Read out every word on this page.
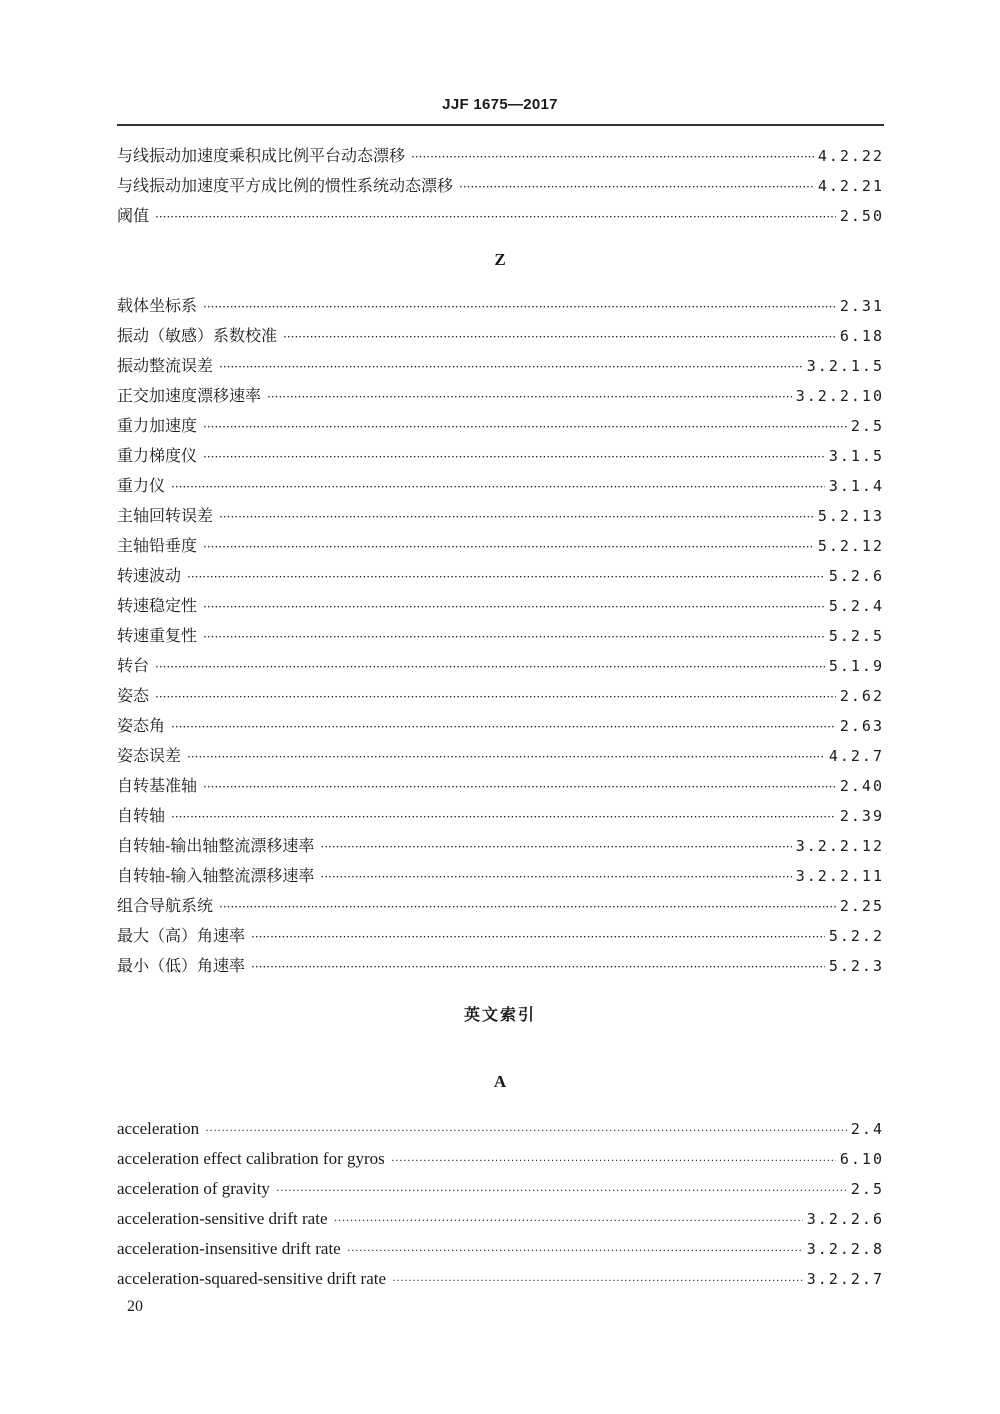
JJF 1675—2017
与线振动加速度乘积成比例平台动态漂移 ·····	4.2.22
与线振动加速度平方成比例的惯性系统动态漂移 ·····	4.2.21
阈值 ·····	2.50
Z
载体坐标系 ·····	2.31
振动（敏感）系数校准 ·····	6.18
振动整流误差 ·····	3.2.1.5
正交加速度漂移速率 ·····	3.2.2.10
重力加速度 ·····	2.5
重力梯度仪 ·····	3.1.5
重力仪 ·····	3.1.4
主轴回转误差 ·····	5.2.13
主轴铅垂度 ·····	5.2.12
转速波动 ·····	5.2.6
转速稳定性 ·····	5.2.4
转速重复性 ·····	5.2.5
转台 ·····	5.1.9
姿态 ·····	2.62
姿态角 ·····	2.63
姿态误差 ·····	4.2.7
自转基准轴 ·····	2.40
自转轴 ·····	2.39
自转轴-输出轴整流漂移速率 ·····	3.2.2.12
自转轴-输入轴整流漂移速率 ·····	3.2.2.11
组合导航系统 ·····	2.25
最大（高）角速率 ·····	5.2.2
最小（低）角速率 ·····	5.2.3
英文索引
A
acceleration ·····	2.4
acceleration effect calibration for gyros ·····	6.10
acceleration of gravity ·····	2.5
acceleration-sensitive drift rate ·····	3.2.2.6
acceleration-insensitive drift rate ·····	3.2.2.8
acceleration-squared-sensitive drift rate ·····	3.2.2.7
20
